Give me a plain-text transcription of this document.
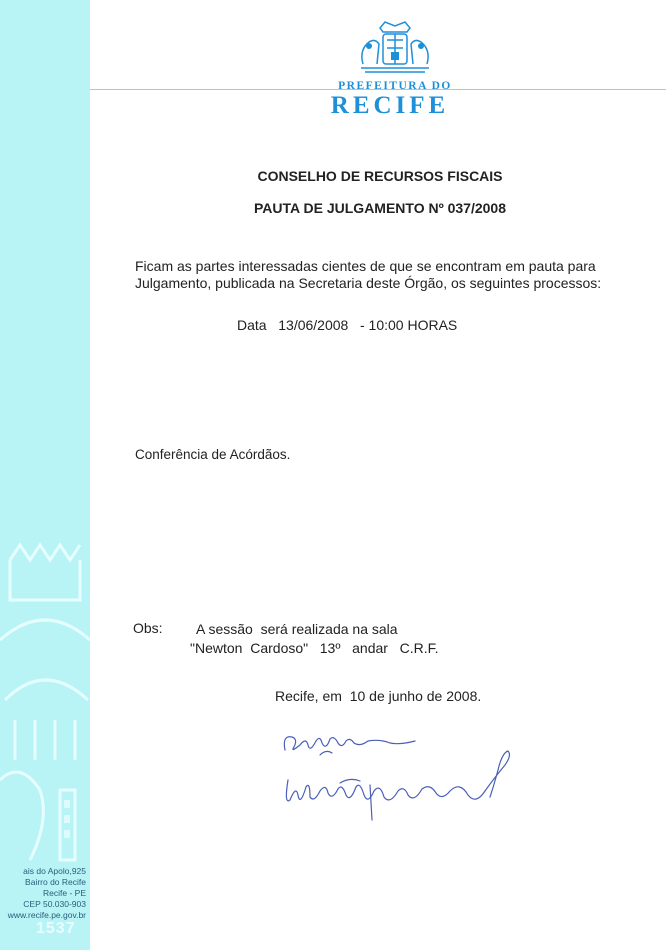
ais do Apolo,925
Bairro do Recife
Recife - PE
CEP 50.030-903
www.recife.pe.gov.br
1537
PREFEITURA DO
RECIFE
CONSELHO DE RECURSOS FISCAIS
PAUTA DE JULGAMENTO Nº 037/2008
Ficam as partes interessadas cientes de que se encontram em pauta para
Julgamento, publicada na Secretaria deste Órgão, os seguintes processos:
Data   13/06/2008   - 10:00 HORAS
Conferência de Acórdãos.
Obs: A sessão  será realizada na sala
"Newton  Cardoso"   13º   andar   C.R.F.
Recife, em  10 de junho de 2008.
